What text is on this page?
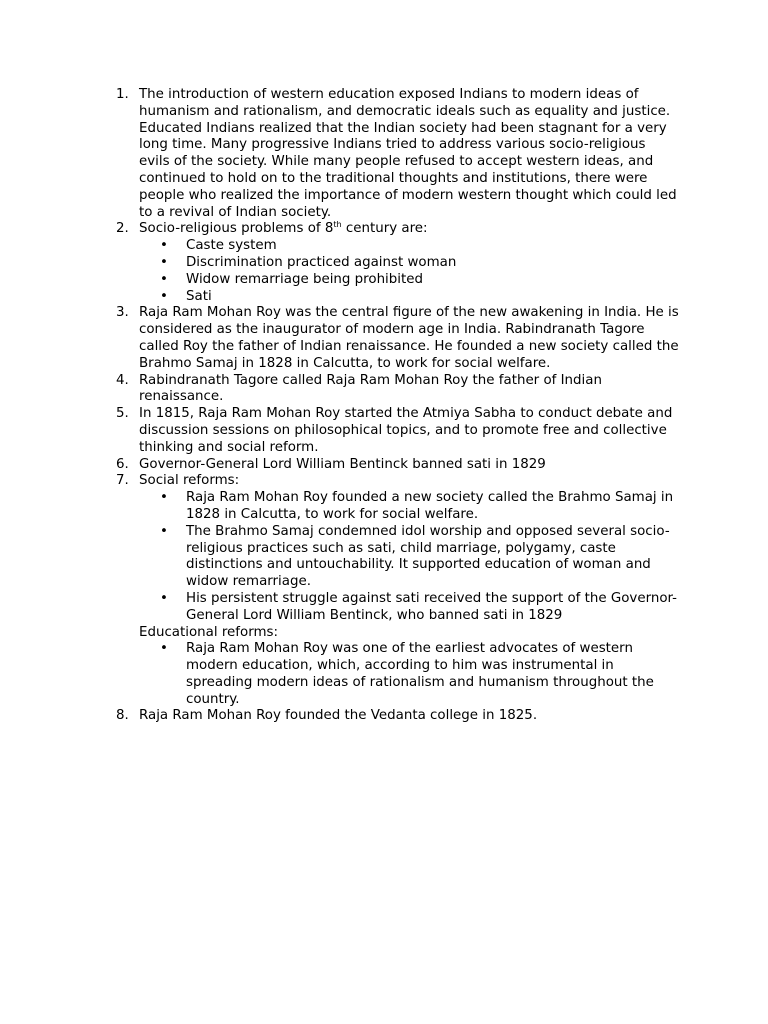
1. The introduction of western education exposed Indians to modern ideas of humanism and rationalism, and democratic ideals such as equality and justice. Educated Indians realized that the Indian society had been stagnant for a very long time. Many progressive Indians tried to address various socio-religious evils of the society. While many people refused to accept western ideas, and continued to hold on to the traditional thoughts and institutions, there were people who realized the importance of modern western thought which could led to a revival of Indian society.
2. Socio-religious problems of 8th century are:
• Caste system
• Discrimination practiced against woman
• Widow remarriage being prohibited
• Sati
3. Raja Ram Mohan Roy was the central figure of the new awakening in India. He is considered as the inaugurator of modern age in India. Rabindranath Tagore called Roy the father of Indian renaissance. He founded a new society called the Brahmo Samaj in 1828 in Calcutta, to work for social welfare.
4. Rabindranath Tagore called Raja Ram Mohan Roy the father of Indian renaissance.
5. In 1815, Raja Ram Mohan Roy started the Atmiya Sabha to conduct debate and discussion sessions on philosophical topics, and to promote free and collective thinking and social reform.
6. Governor-General Lord William Bentinck banned sati in 1829
7. Social reforms:
• Raja Ram Mohan Roy founded a new society called the Brahmo Samaj in 1828 in Calcutta, to work for social welfare.
• The Brahmo Samaj condemned idol worship and opposed several socio-religious practices such as sati, child marriage, polygamy, caste distinctions and untouchability. It supported education of woman and widow remarriage.
• His persistent struggle against sati received the support of the Governor-General Lord William Bentinck, who banned sati in 1829
Educational reforms:
• Raja Ram Mohan Roy was one of the earliest advocates of western modern education, which, according to him was instrumental in spreading modern ideas of rationalism and humanism throughout the country.
8. Raja Ram Mohan Roy founded the Vedanta college in 1825.
